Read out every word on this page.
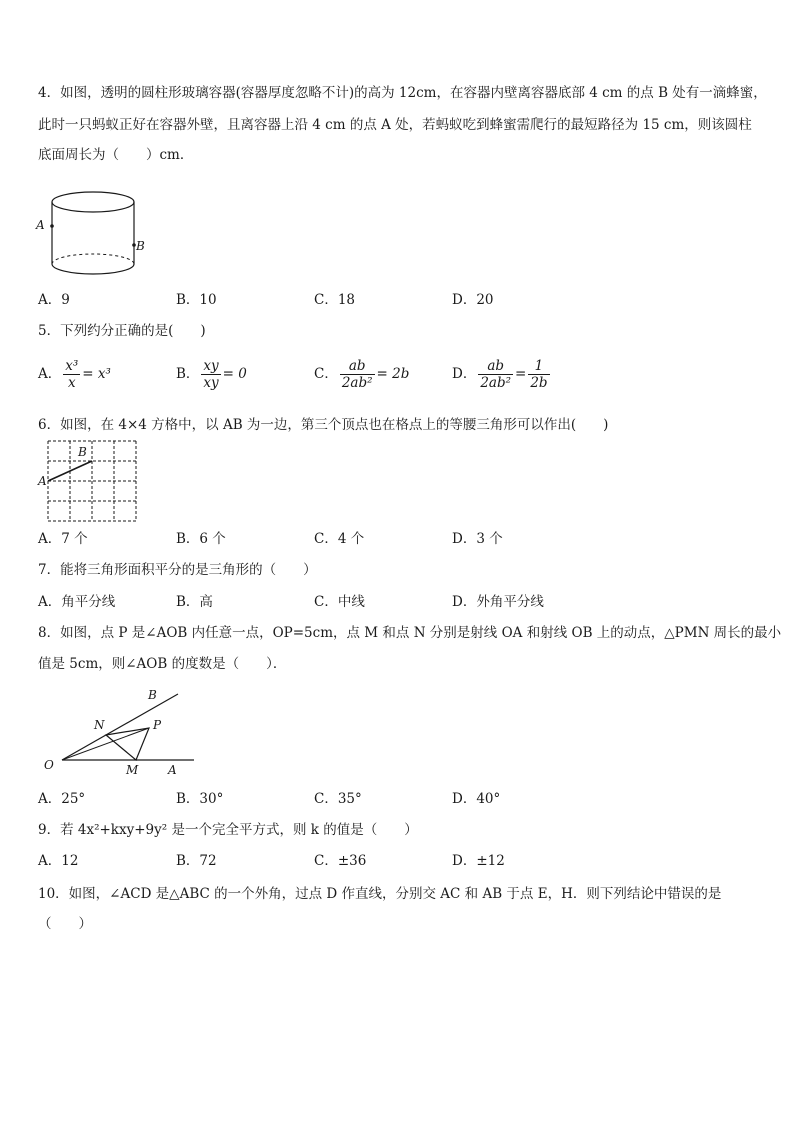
4．如图，透明的圆柱形玻璃容器(容器厚度忽略不计)的高为 12cm，在容器内壁离容器底部 4 cm 的点 B 处有一滴蜂蜜，
此时一只蚂蚁正好在容器外壁，且离容器上沿 4 cm 的点 A 处，若蚂蚁吃到蜂蜜需爬行的最短路径为 15 cm，则该圆柱
底面周长为（　　）cm．
A
B
A．9	B．10	C．18	D．20
5．下列约分正确的是(　　)
A． $\frac{\text{x³}}{x} = x^3$	B． $\frac{xy}{xy} = 0$	C． $\frac{ab}{\text{2ab²}} = 2b$	D． $\frac{ab}{\text{2ab²}} = \frac{1}{2b}$
6．如图，在 4×4 方格中，以 AB 为一边，第三个顶点也在格点上的等腰三角形可以作出(　　)
A
B
A．7 个	B．6 个	C．4 个	D．3 个
7．能将三角形面积平分的是三角形的（　　）
A．角平分线	B．高	C．中线	D．外角平分线
8．如图，点 P 是∠AOB 内任意一点，OP=5cm，点 M 和点 N 分别是射线 OA 和射线 OB 上的动点，△PMN 周长的最小
值是 5cm，则∠AOB 的度数是（　　）．
O	A
B
M
N	P
A．25°	B．30°	C．35°	D．40°
9．若 4x²+kxy+9y² 是一个完全平方式，则 k 的值是（　　）
A．12	B．72	C．±36	D．±12
10．如图，∠ACD 是△ABC 的一个外角，过点 D 作直线，分别交 AC 和 AB 于点 E，H．则下列结论中错误的是
（　　）
